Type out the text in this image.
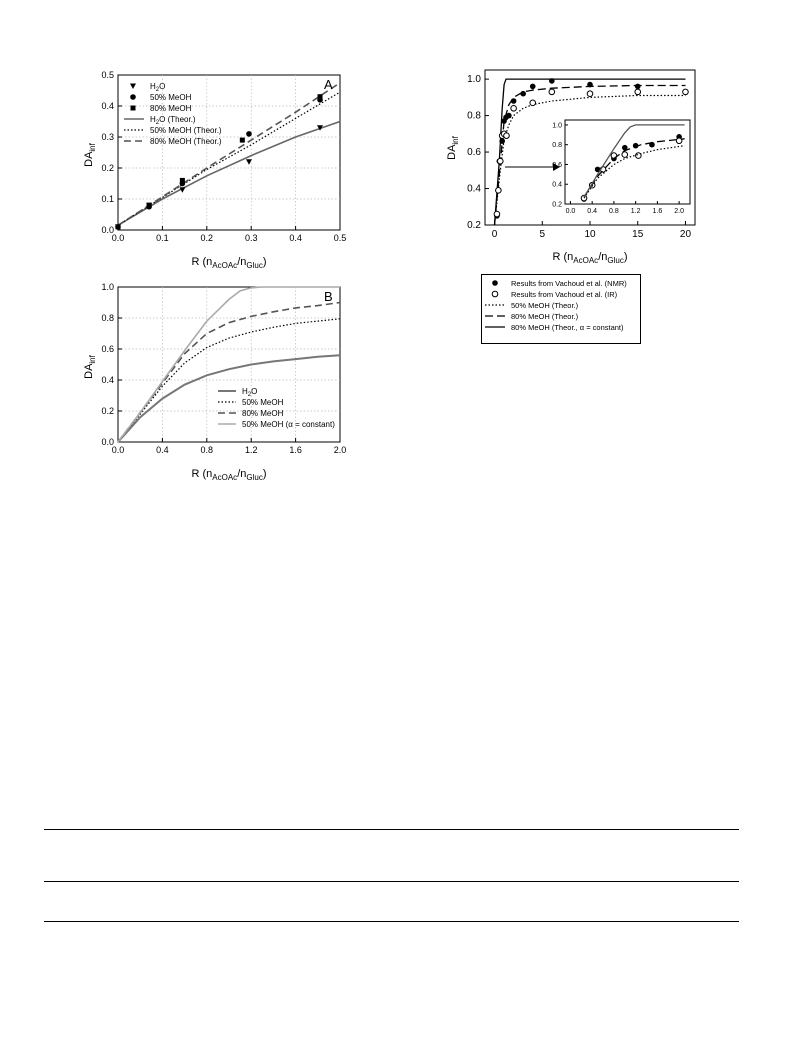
0.0	0.1	0.2	0.3	0.4	0.5
0.0
0.1
0.2
0.3
0.4
0.5
A
$H_2O$
50% MeOH
80% MeOH
$H_2O$ (Theor.)
50% MeOH (Theor.)
80% MeOH (Theor.)
$DA_{inf}$
R $(n_{AcOAc}/n_{Gluc})$
0.0	0.4	0.8	1.2	1.6	2.0
0.0
0.2
0.4
0.6
0.8
1.0
B
$H_2O$
50% MeOH
80% MeOH
50% MeOH (α = constant)
$DA_{inf}$
R $(n_{AcOAc}/n_{Gluc})$
0	5	10	15	20
0.2
0.4
0.6
0.8
1.0
0.0 0.4 0.8 1.2 1.6 2.0
0.2
0.4
0.6
0.8
1.0
$DA_{inf}$
R $(n_{AcOAc}/n_{Gluc})$
Results from Vachoud et al. (NMR)
Results from Vachoud et al. (IR)
50% MeOH (Theor.)
80% MeOH (Theor.)
80% MeOH (Theor., α = constant)
